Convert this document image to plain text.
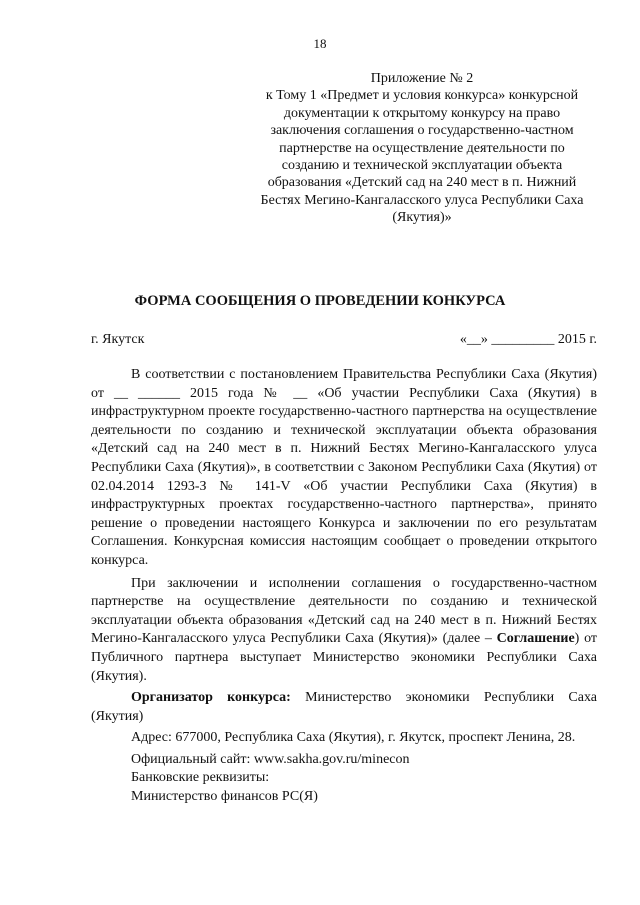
18
Приложение № 2
к Тому 1 «Предмет и условия конкурса» конкурсной
документации к открытому конкурсу на право
заключения соглашения о государственно-частном
партнерстве на осуществление деятельности по
созданию и технической эксплуатации объекта
образования «Детский сад на 240 мест в п. Нижний
Бестях Мегино-Кангаласского улуса Республики Саха
(Якутия)»
ФОРМА СООБЩЕНИЯ О ПРОВЕДЕНИИ КОНКУРСА
г. Якутск	«__» _________ 2015 г.

В соответствии с постановлением Правительства Республики Саха (Якутия) от __ ______ 2015 года № __ «Об участии Республики Саха (Якутия) в инфраструктурном проекте государственно-частного партнерства на осуществление деятельности по созданию и технической эксплуатации объекта образования «Детский сад на 240 мест в п. Нижний Бестях Мегино-Кангаласского улуса Республики Саха (Якутия)», в соответствии с Законом Республики Саха (Якутия) от 02.04.2014 1293-З № 141-V «Об участии Республики Саха (Якутия) в инфраструктурных проектах государственно-частного партнерства», принято решение о проведении настоящего Конкурса и заключении по его результатам Соглашения. Конкурсная комиссия настоящим сообщает о проведении открытого конкурса.

При заключении и исполнении соглашения о государственно-частном партнерстве на осуществление деятельности по созданию и технической эксплуатации объекта образования «Детский сад на 240 мест в п. Нижний Бестях Мегино-Кангаласского улуса Республики Саха (Якутия)» (далее – Соглашение) от Публичного партнера выступает Министерство экономики Республики Саха (Якутия).

Организатор конкурса: Министерство экономики Республики Саха (Якутия)

Адрес: 677000, Республика Саха (Якутия), г. Якутск, проспект Ленина, 28.

Официальный сайт: www.sakha.gov.ru/minecon

Банковские реквизиты:

Министерство финансов РС(Я)
